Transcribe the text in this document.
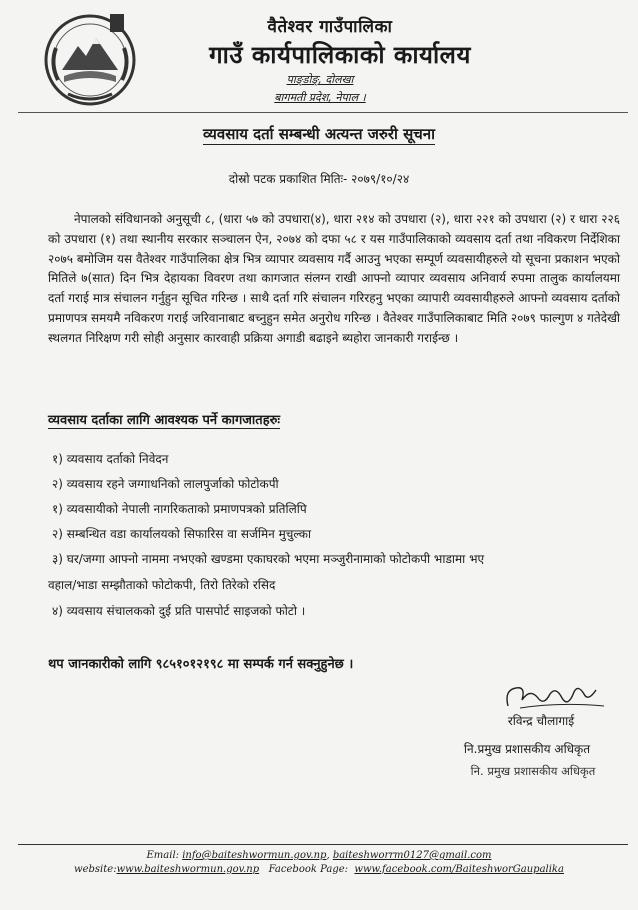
वैतेश्वर गाउँपालिका
गाउँ कार्यपालिकाको कार्यालय
पाङ्‌डोङ्‌, दोलखा
बागमती प्रदेश, नेपाल ।
व्यवसाय दर्ता सम्बन्धी अत्यन्त जरुरी सूचना
दोस्रो पटक प्रकाशित मितिः- २०७९/१०/२४
नेपालको संविधानको अनुसूची ८, (धारा ५७ को उपधारा(४), धारा २१४ को उपधारा (२), धारा २२१ को उपधारा (२) र धारा २२६ को उपधारा (१) तथा स्थानीय सरकार सञ्चालन ऐन, २०७४ को दफा ५८ र यस गाउँपालिकाको व्यवसाय दर्ता तथा नविकरण निर्देशिका २०७५ बमोजिम यस वैतेश्वर गाउँपालिका क्षेत्र भित्र व्यापार व्यवसाय गर्दै आउनु भएका सम्पूर्ण व्यवसायीहरुले यो सूचना प्रकाशन भएको मितिले ७(सात) दिन भित्र देहायका विवरण तथा कागजात संलग्न राखी आफ्नो व्यापार व्यवसाय अनिवार्य रुपमा तालुक कार्यालयमा दर्ता गराई मात्र संचालन गर्नुहुन सूचित गरिन्छ । साथै दर्ता गरि संचालन गरिरहनु भएका व्यापारी व्यवसायीहरुले आफ्नो व्यवसाय दर्ताको प्रमाणपत्र समयमै नविकरण गराई जरिवानाबाट बच्नुहुन समेत अनुरोध गरिन्छ । वैतेश्वर गाउँपालिकाबाट मिति २०७९ फाल्गुण ४ गतेदेखी स्थलगत निरिक्षण गरी सोही अनुसार कारवाही प्रक्रिया अगाडी बढाइने ब्यहोरा जानकारी गराईन्छ ।
व्यवसाय दर्ताका लागि आवश्यक पर्ने कागजातहरुः
१) व्यवसाय दर्ताको निवेदन
२) व्यवसाय रहने जग्गाधनिको लालपुर्जाको फोटोकपी
१) व्यवसायीको नेपाली नागरिकताको प्रमाणपत्रको प्रतिलिपि
२) सम्बन्धित वडा कार्यालयको सिफारिस वा सर्जमिन मुचुल्का
३) घर/जग्गा आफ्नो नाममा नभएको खण्डमा एकाघरको भएमा मञ्जुरीनामाको फोटोकपी भाडामा भए
वहाल/भाडा सम्झौताको फोटोकपी, तिरो तिरेको रसिद
४) व्यवसाय संचालकको दुई प्रति पासपोर्ट साइजको फोटो ।
थप जानकारीको लागि ९८५१०१२१९८ मा सम्पर्क गर्न सक्नुहुनेछ ।
रविन्द्र चौलागाई
नि.प्रमुख प्रशासकीय अधिकृत
नि. प्रमुख प्रशासकीय अधिकृत
Email: info@baiteshwormun.gov.np, baiteshworrm0127@gmail.com
website:www.baiteshwormun.gov.np Facebook Page: www.facebook.com/BaiteshworGaupalika
